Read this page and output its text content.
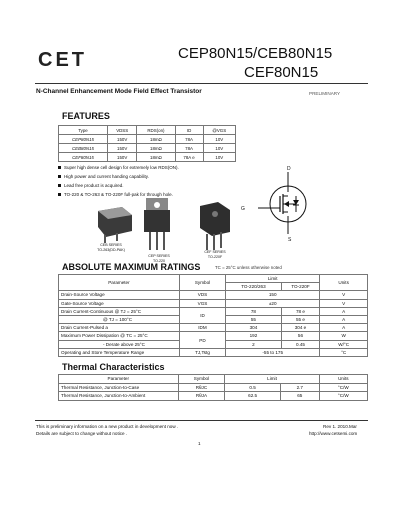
CET	CEP80N15/CEB80N15
CEF80N15
N-Channel Enhancement Mode Field Effect Transistor	PRELIMINARY
FEATURES
Type	VDSS	RDS(on)	ID	@VGS
CEP80N15	150V	18mΩ	78A	10V
CEB80N15	150V	18mΩ	78A	10V
CEF80N15	150V	18mΩ	78A e	10V
Super high dense cell design for extremely low RDS(ON).
High power and current handing capability.
Lead free product is acquired.
TO-220 & TO-263 & TO-220F full-pak for through hole.
CEB SERIES
TO-263(DD-PAK)
CEP SERIES
TO-220
CEF SERIES
TO-220F
D
G
S
ABSOLUTE MAXIMUM RATINGS	TC = 25°C unless otherwise noted
Parameter	Symbol	Limit		Units
		TO-220/263	TO-220F	
Drain-Source Voltage	VDS	150		V
Gate-Source Voltage	VGS	±20		V
Drain Current-Continuous @ TJ = 25°C	ID	78	78 e	A
@ TJ = 100°C		55	55 e	A
Drain Current-Pulsed a	IDM	304	304 e	A
Maximum Power Dissipation @ TC = 25°C	PD	192	56	W
- Derate above 25°C		2	0.45	W/°C
Operating and Store Temperature Range	TJ,Tstg	-55 to 175		°C
Thermal Characteristics
Parameter	Symbol	Limit		Units
Thermal Resistance, Junction-to-Case	RθJC	0.5	2.7	°C/W
Thermal Resistance, Junction-to-Ambient	RθJA	62.5	65	°C/W
This is preliminary information on a new product in development now .
Details are subject to change without notice .
Rev 1. 2010.Mar
http://www.cetsemi.com
1
